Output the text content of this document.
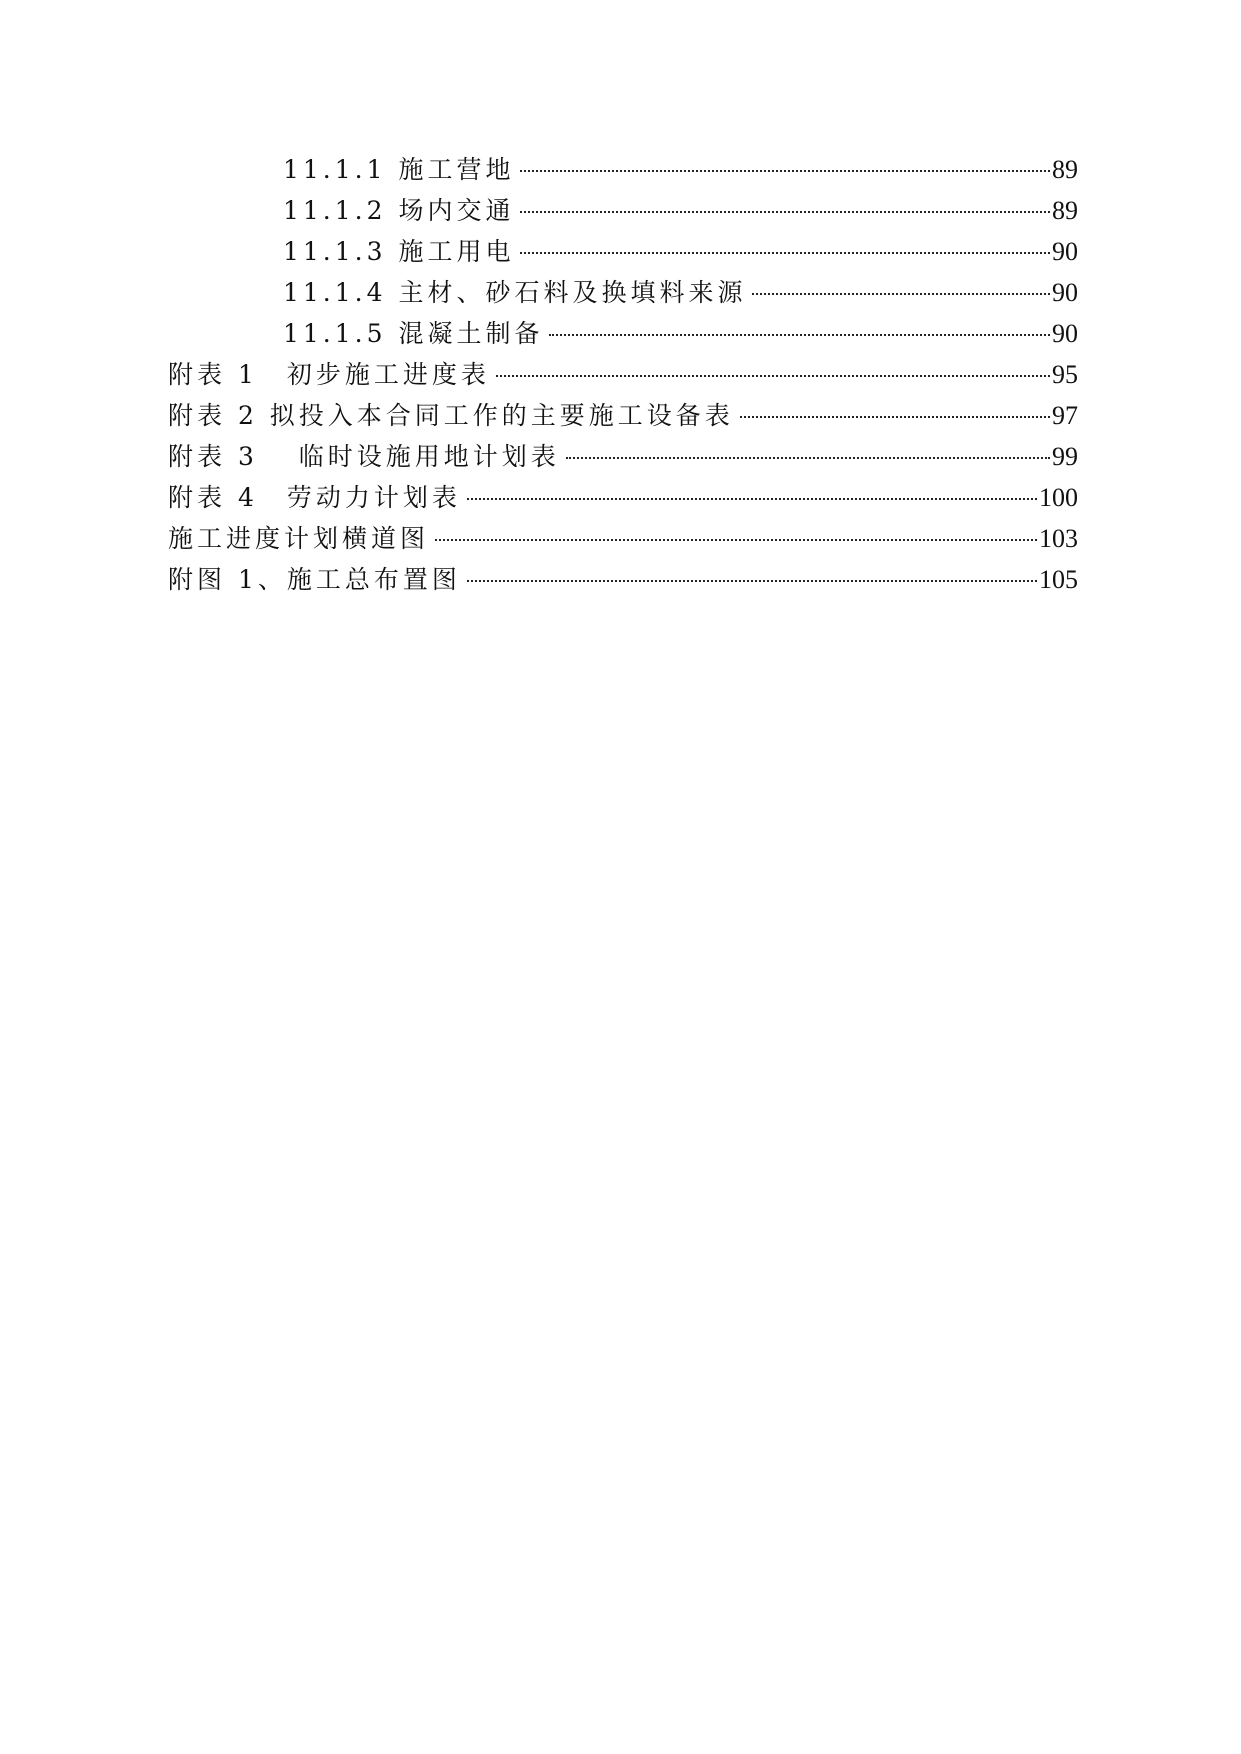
11.1.1 施工营地	89
11.1.2 场内交通	89
11.1.3 施工用电	90
11.1.4 主材、砂石料及换填料来源	90
11.1.5 混凝土制备	90
附表 1　初步施工进度表	95
附表 2 拟投入本合同工作的主要施工设备表	97
附表 3　 临时设施用地计划表	99
附表 4　劳动力计划表	100
施工进度计划横道图	103
附图 1、施工总布置图	105
